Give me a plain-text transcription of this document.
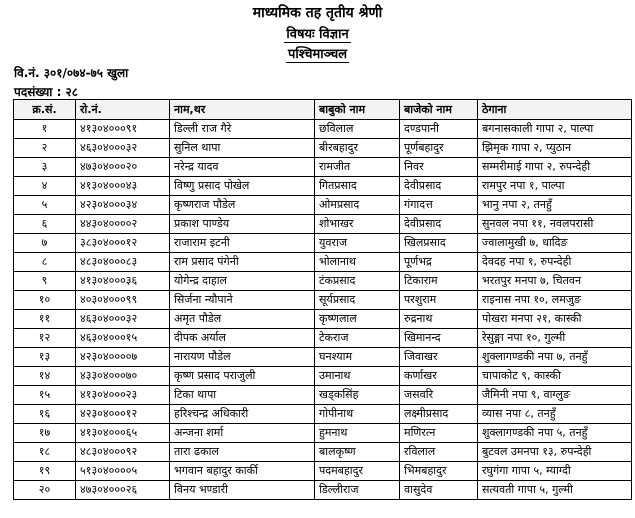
माध्यमिक तह तृतीय श्रेणी
विषयः विज्ञान
पश्चिमाञ्चल
वि.नं. ३०१/०७४-७५ खुला
पदसंख्या : २८
क्र.सं.	रो.नं.	नाम,थर	बाबुको नाम	बाजेको नाम	ठेगाना
१	४१३०४०००९१	डिल्ली राज गैरे	छविलाल	दण्डपानी	बगनासकाली गापा २, पाल्पा
२	४६३०४०००३२	सुनिल थापा	बीरबहादुर	पूर्णबहादुर	झिमृक गापा २, प्युठान
३	४७३०४०००२०	नरेन्द्र यादव	रामजीत	निवर	सम्मरीमाई गापा २, रुपन्देही
४	४१३०४०००४३	विष्णु प्रसाद पोखेल	गितप्रसाद	देवीप्रसाद	रामपुर नपा १, पाल्पा
५	४२३०४०००३४	कृष्णराज पौडेल	ओमप्रसाद	गंगादत्त	भानु नपा २, तनहुँ
६	४४३०४००००२	प्रकाश पाण्डेय	शोभाखर	देवीप्रसाद	सुनवल नपा ११, नवलपरासी
७	३८३०४०००१२	राजाराम इटनी	युवराज	खिलप्रसाद	ज्वालामुखी ७, धादिङ
८	४८३०४०००८३	राम प्रसाद पंगेनी	भोलानाथ	पूर्णभद्र	देवदह नपा १, रुपन्देही
९	४१३०४०००३६	योगेन्द्र दाहाल	टंकप्रसाद	टिकाराम	भरतपुर मनपा ७, चितवन
१०	४०३०४०००९९	सिर्जना न्यौपाने	सूर्यप्रसाद	परशुराम	राइनास नपा १०, लमजुङ
११	४६३०४०००३२	अमृत पौडेल	कृष्णलाल	रुद्रनाथ	पोखरा मनपा २१, कास्की
१२	४६३०४०००१५	दीपक अर्याल	टेकराज	खिमानन्द	रेसुङ्गा नपा १०, गुल्मी
१३	४२३०४००००७	नारायण पौडेल	घनश्याम	जिवाखर	शुक्लागण्डकी नपा ७, तनहुँ
१४	४३३०४०००७०	कृष्ण प्रसाद पराजुली	उमानाथ	कर्णाखर	चापाकोट ९, कास्की
१५	४१३०४०००२३	टिका थापा	खड्कसिंह	जसवरि	जैमिनी नपा ९, वाग्लुङ
१६	४२३०४०००१२	हरिश्चन्द्र अधिकारी	गोपीनाथ	लक्ष्मीप्रसाद	व्यास नपा ८, तनहुँ
१७	४१३०४०००६५	अन्जना शर्मा	हुमनाथ	मणिरत्न	शुक्लागण्डकी नपा ५, तनहुँ
१८	४८३०४०००९२	तारा ढकाल	बालकृष्ण	रविलाल	बुटवल उमनपा १३, रुपन्देही
१९	५१३०४००००५	भगवान बहादुर कार्की	पदमबहादुर	भिमबहादुर	रघुगंगा गापा ५, म्याग्दी
२०	४७३०४०००२६	विनय भण्डारी	डिल्लीराज	वासुदेव	सत्यवती गापा ५, गुल्मी
